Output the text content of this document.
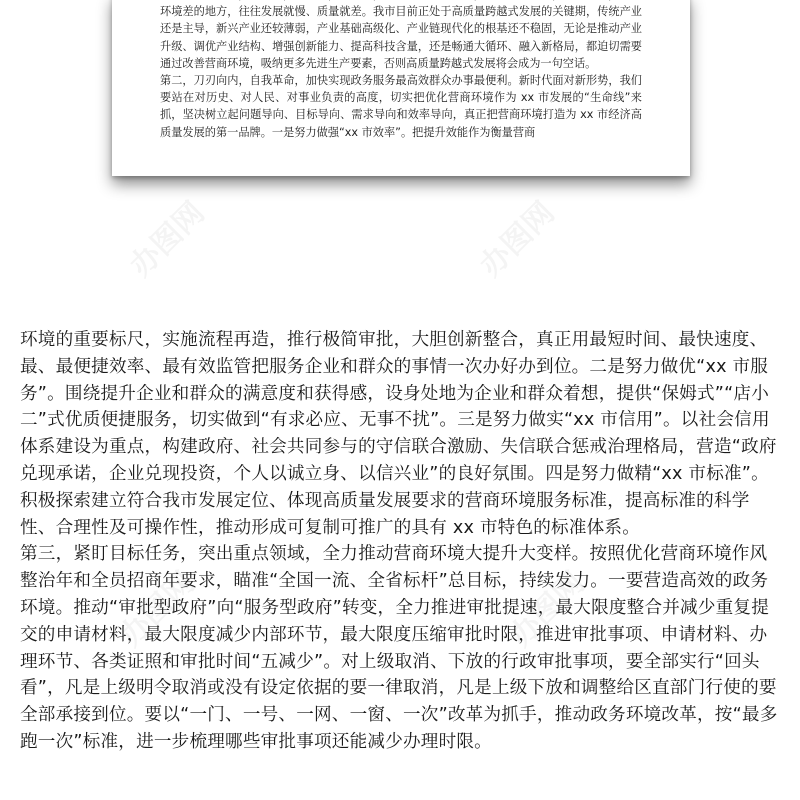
环境差的地方，往往发展就慢、质量就差。我市目前正处于高质量跨越式发展的关键期，传统产业还是主导，新兴产业还较薄弱，产业基础高级化、产业链现代化的根基还不稳固，无论是推动产业升级、调优产业结构、增强创新能力、提高科技含量，还是畅通大循环、融入新格局，都迫切需要通过改善营商环境，吸纳更多先进生产要素，否则高质量跨越式发展将会成为一句空话。

第二，刀刃向内，自我革命，加快实现政务服务最高效群众办事最便利。新时代面对新形势，我们要站在对历史、对人民、对事业负责的高度，切实把优化营商环境作为 xx 市发展的“生命线”来抓，坚决树立起问题导向、目标导向、需求导向和效率导向，真正把营商环境打造为 xx 市经济高质量发展的第一品牌。一是努力做强“xx 市效率”。把提升效能作为衡量营商

办图网	办图网
办图网	办图网

环境的重要标尺，实施流程再造，推行极简审批，大胆创新整合，真正用最短时间、最快速度、最、最便捷效率、最有效监管把服务企业和群众的事情一次办好办到位。二是努力做优“xx 市服务”。围绕提升企业和群众的满意度和获得感，设身处地为企业和群众着想，提供“保姆式”“店小二”式优质便捷服务，切实做到“有求必应、无事不扰”。三是努力做实“xx 市信用”。以社会信用体系建设为重点，构建政府、社会共同参与的守信联合激励、失信联合惩戒治理格局，营造“政府兑现承诺，企业兑现投资，个人以诚立身、以信兴业”的良好氛围。四是努力做精“xx 市标准”。积极探索建立符合我市发展定位、体现高质量发展要求的营商环境服务标准，提高标准的科学性、合理性及可操作性，推动形成可复制可推广的具有 xx 市特色的标准体系。

第三，紧盯目标任务，突出重点领域，全力推动营商环境大提升大变样。按照优化营商环境作风整治年和全员招商年要求，瞄准“全国一流、全省标杆”总目标，持续发力。一要营造高效的政务环境。推动“审批型政府”向“服务型政府”转变，全力推进审批提速，最大限度整合并减少重复提交的申请材料，最大限度减少内部环节，最大限度压缩审批时限，推进审批事项、申请材料、办理环节、各类证照和审批时间“五减少”。对上级取消、下放的行政审批事项，要全部实行“回头看”，凡是上级明令取消或没有设定依据的要一律取消，凡是上级下放和调整给区直部门行使的要全部承接到位。要以“一门、一号、一网、一窗、一次”改革为抓手，推动政务环境改革，按“最多跑一次”标准，进一步梳理哪些审批事项还能减少办理时限。
